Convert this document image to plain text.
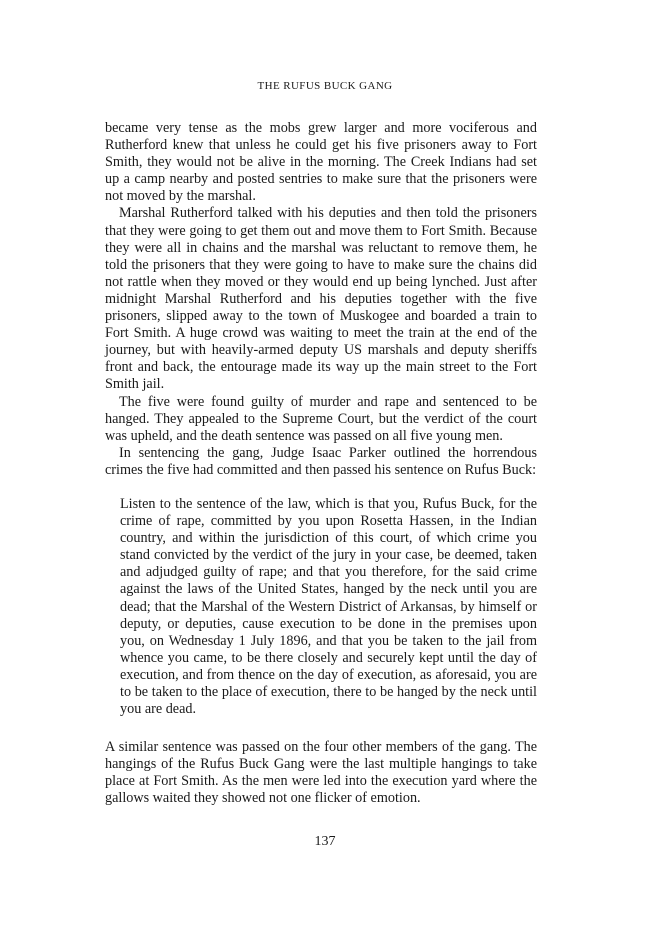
THE RUFUS BUCK GANG

became very tense as the mobs grew larger and more vociferous and Rutherford knew that unless he could get his five prisoners away to Fort Smith, they would not be alive in the morning. The Creek Indians had set up a camp nearby and posted sentries to make sure that the prisoners were not moved by the marshal.

Marshal Rutherford talked with his deputies and then told the prisoners that they were going to get them out and move them to Fort Smith. Because they were all in chains and the marshal was reluctant to remove them, he told the prisoners that they were going to have to make sure the chains did not rattle when they moved or they would end up being lynched. Just after midnight Marshal Rutherford and his deputies together with the five prisoners, slipped away to the town of Muskogee and boarded a train to Fort Smith. A huge crowd was waiting to meet the train at the end of the journey, but with heavily-armed deputy US marshals and deputy sheriffs front and back, the entourage made its way up the main street to the Fort Smith jail.

The five were found guilty of murder and rape and sentenced to be hanged. They appealed to the Supreme Court, but the verdict of the court was upheld, and the death sentence was passed on all five young men.

In sentencing the gang, Judge Isaac Parker outlined the horrendous crimes the five had committed and then passed his sentence on Rufus Buck:

Listen to the sentence of the law, which is that you, Rufus Buck, for the crime of rape, committed by you upon Rosetta Hassen, in the Indian country, and within the jurisdiction of this court, of which crime you stand convicted by the verdict of the jury in your case, be deemed, taken and adjudged guilty of rape; and that you therefore, for the said crime against the laws of the United States, hanged by the neck until you are dead; that the Marshal of the Western District of Arkansas, by himself or deputy, or deputies, cause execution to be done in the premises upon you, on Wednesday 1 July 1896, and that you be taken to the jail from whence you came, to be there closely and securely kept until the day of execution, and from thence on the day of execution, as aforesaid, you are to be taken to the place of execution, there to be hanged by the neck until you are dead.

A similar sentence was passed on the four other members of the gang. The hangings of the Rufus Buck Gang were the last multiple hangings to take place at Fort Smith. As the men were led into the execution yard where the gallows waited they showed not one flicker of emotion.

137
